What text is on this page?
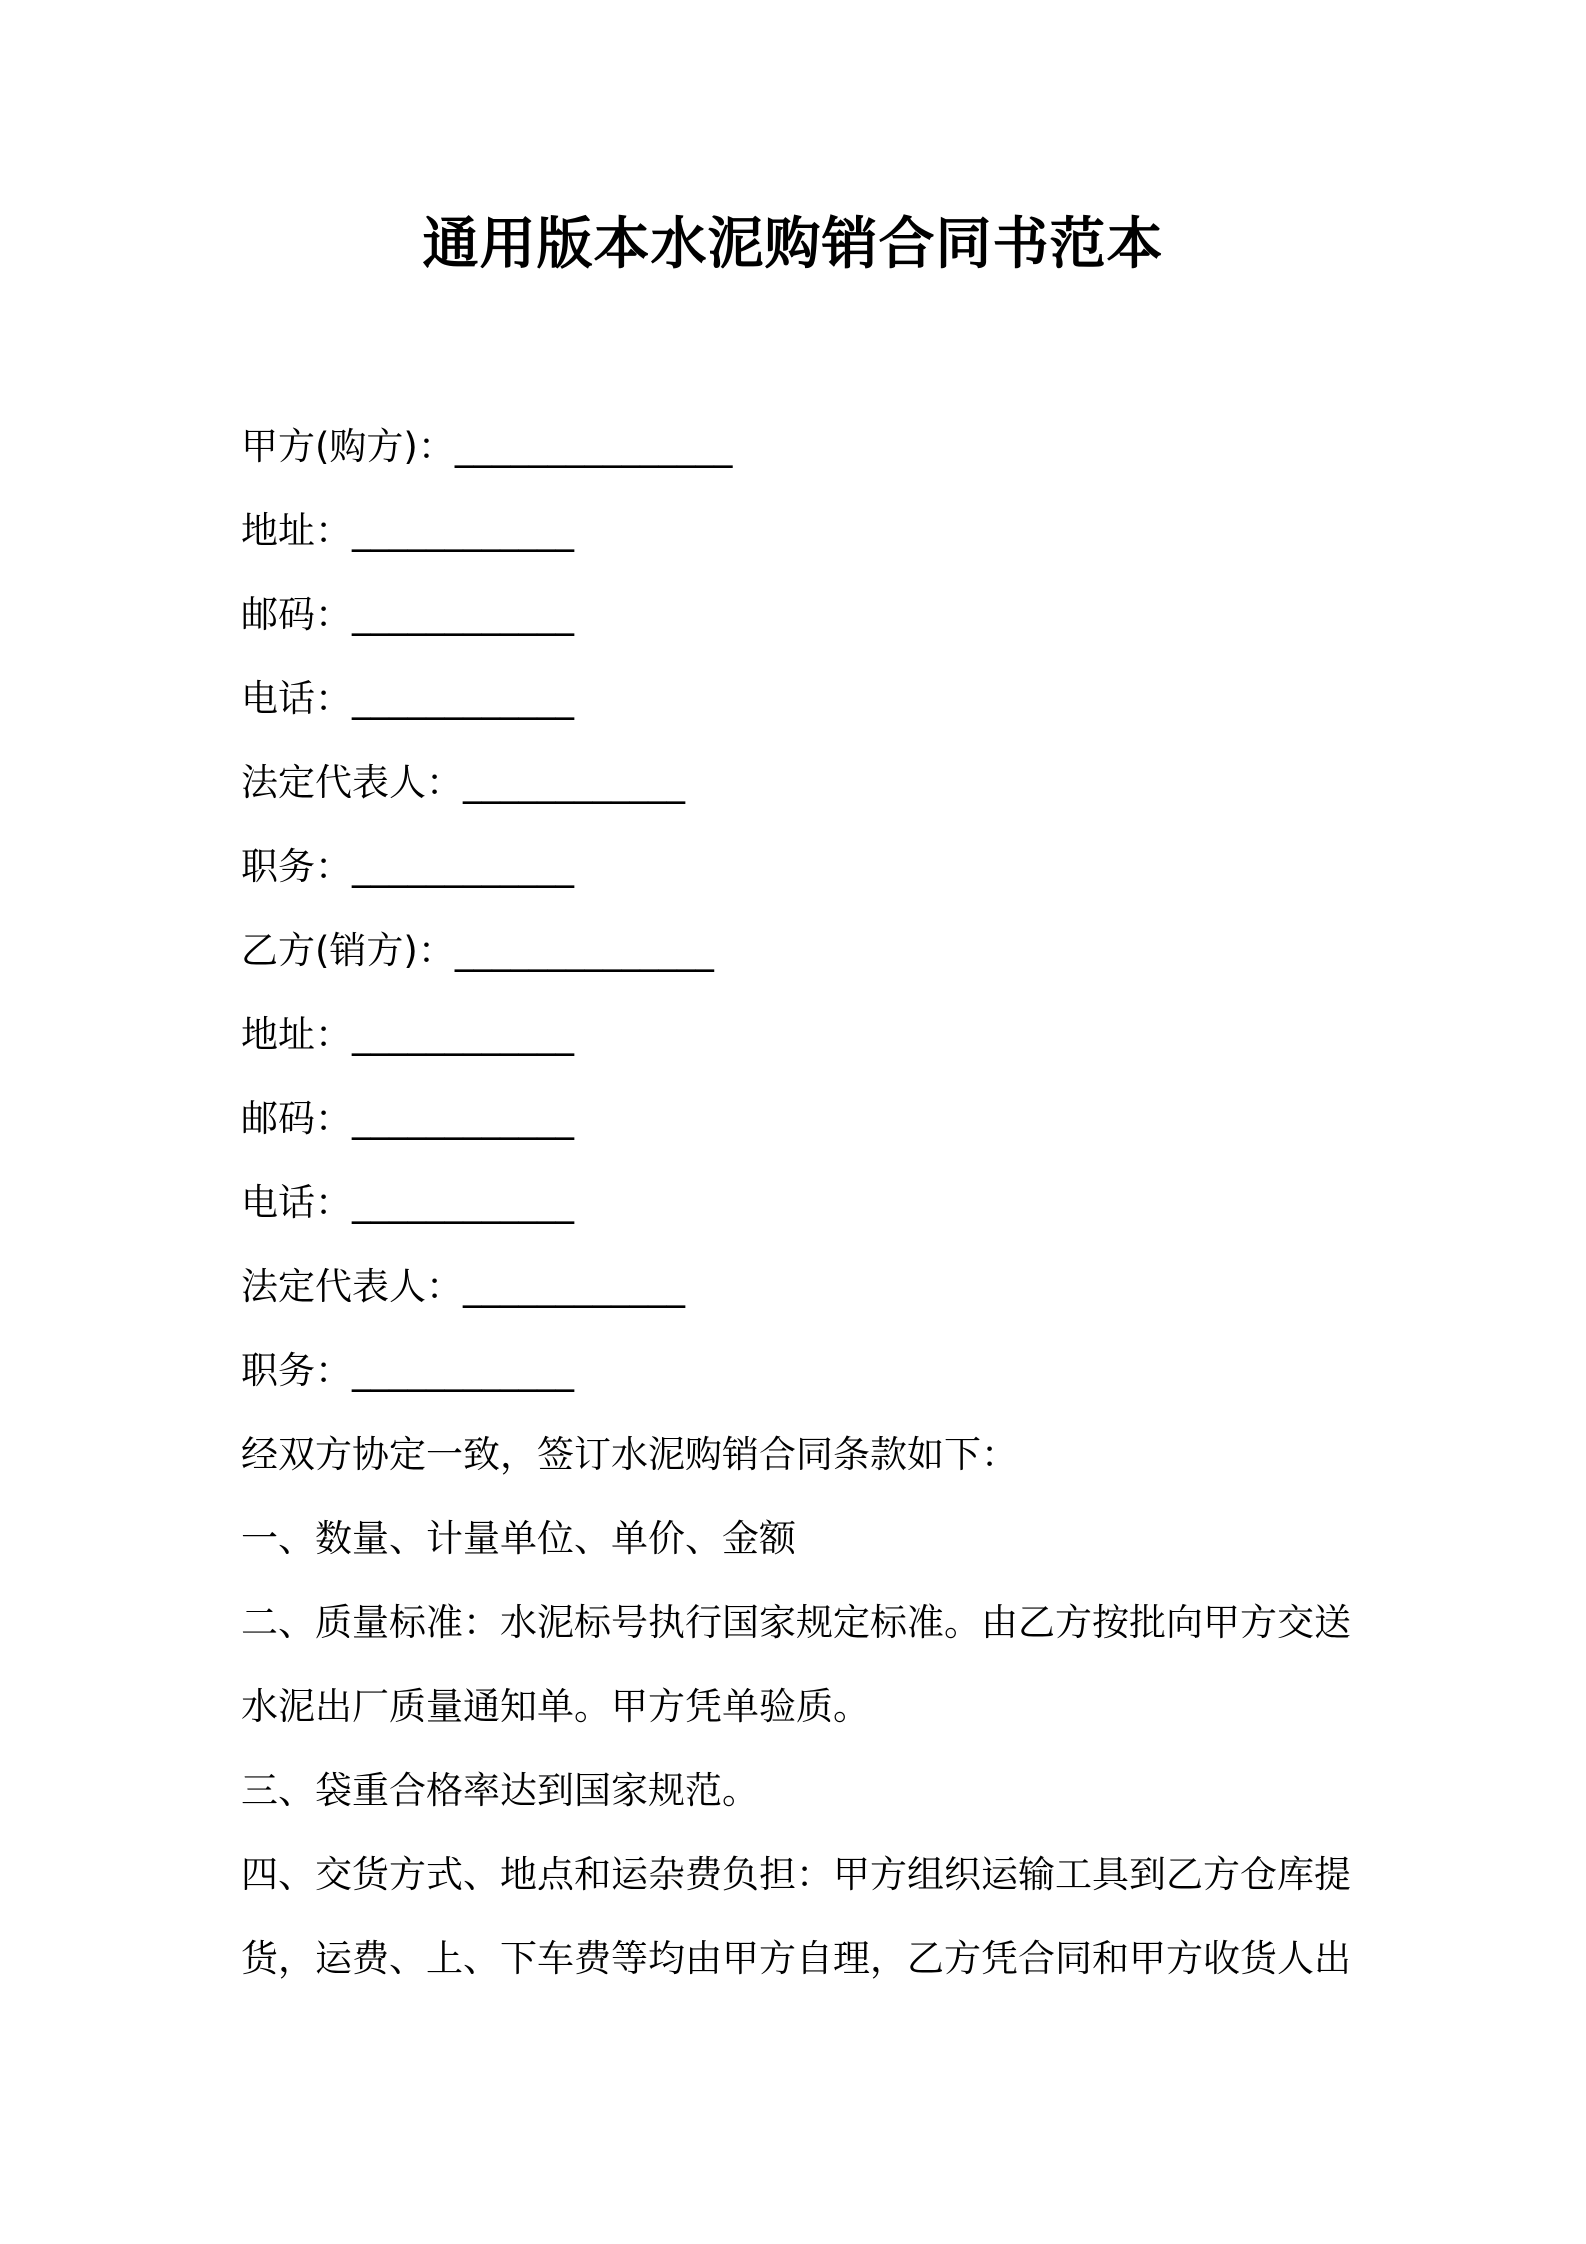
通用版本水泥购销合同书范本
甲方(购方)：_______________
地址：____________
邮码：____________
电话：____________
法定代表人：____________
职务：____________
乙方(销方)：______________
地址：____________
邮码：____________
电话：____________
法定代表人：____________
职务：____________
经双方协定一致，签订水泥购销合同条款如下：
一、数量、计量单位、单价、金额
二、质量标准：水泥标号执行国家规定标准。由乙方按批向甲方交送
水泥出厂质量通知单。甲方凭单验质。
三、袋重合格率达到国家规范。
四、交货方式、地点和运杂费负担：甲方组织运输工具到乙方仓库提
货，运费、上、下车费等均由甲方自理，乙方凭合同和甲方收货人出
